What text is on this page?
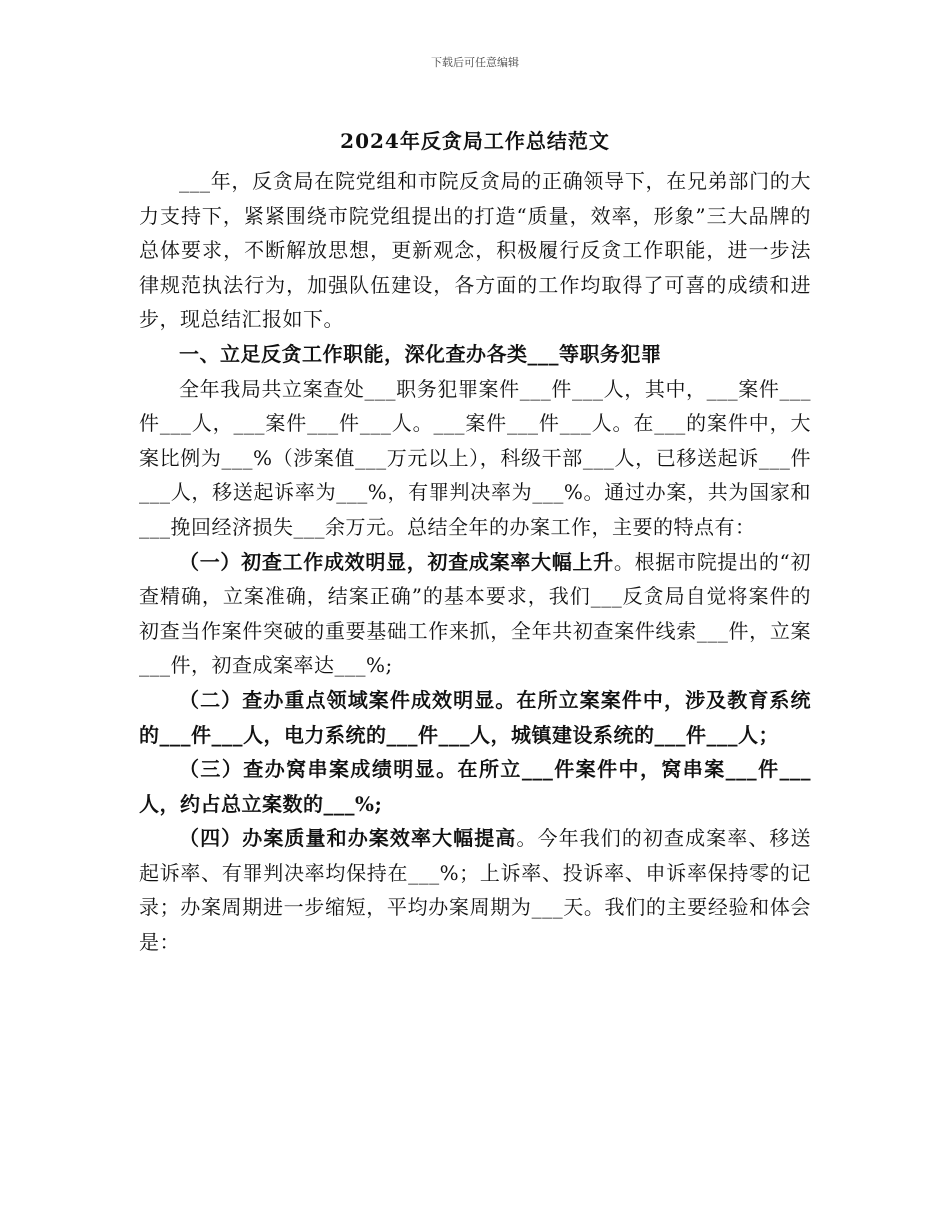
下载后可任意编辑
2024年反贪局工作总结范文

___年，反贪局在院党组和市院反贪局的正确领导下，在兄弟部门的大力支持下，紧紧围绕市院党组提出的打造“质量，效率，形象”三大品牌的总体要求，不断解放思想，更新观念，积极履行反贪工作职能，进一步法律规范执法行为，加强队伍建设，各方面的工作均取得了可喜的成绩和进步，现总结汇报如下。

一、立足反贪工作职能，深化查办各类___等职务犯罪

全年我局共立案查处___职务犯罪案件___件___人，其中，___案件___件___人，___案件___件___人。___案件___件___人。在___的案件中，大案比例为___%（涉案值___万元以上），科级干部___人，已移送起诉___件___人，移送起诉率为___%，有罪判决率为___%。通过办案，共为国家和___挽回经济损失___余万元。总结全年的办案工作，主要的特点有：

（一）初查工作成效明显，初查成案率大幅上升。根据市院提出的“初查精确，立案准确，结案正确”的基本要求，我们___反贪局自觉将案件的初查当作案件突破的重要基础工作来抓，全年共初查案件线索___件，立案___件，初查成案率达___%;

（二）查办重点领域案件成效明显。在所立案案件中，涉及教育系统的___件___人，电力系统的___件___人，城镇建设系统的___件___人；

（三）查办窝串案成绩明显。在所立___件案件中，窝串案___件___人，约占总立案数的___%;

（四）办案质量和办案效率大幅提高。今年我们的初查成案率、移送起诉率、有罪判决率均保持在___%；上诉率、投诉率、申诉率保持零的记录；办案周期进一步缩短，平均办案周期为___天。我们的主要经验和体会是：
